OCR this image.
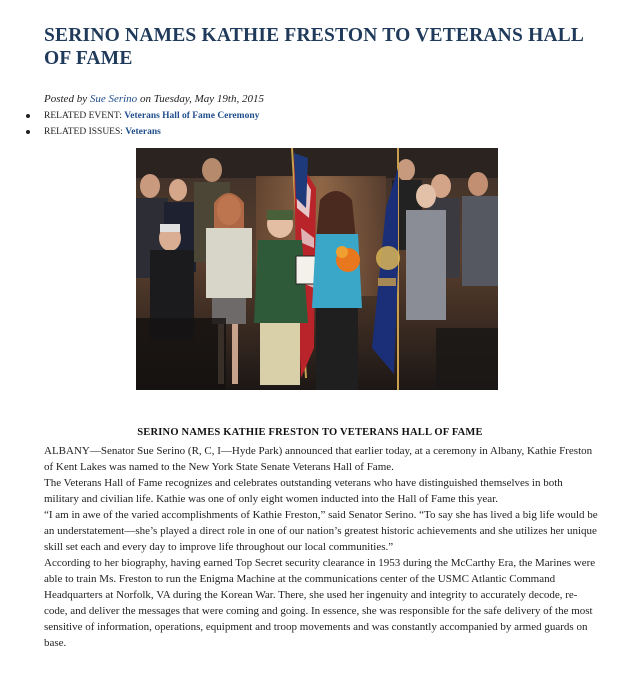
SERINO NAMES KATHIE FRESTON TO VETERANS HALL OF FAME
Posted by Sue Serino on Tuesday, May 19th, 2015
RELATED EVENT: Veterans Hall of Fame Ceremony
RELATED ISSUES: Veterans
SERINO NAMES KATHIE FRESTON TO VETERANS HALL OF FAME

ALBANY—Senator Sue Serino (R, C, I—Hyde Park) announced that earlier today, at a ceremony in Albany, Kathie Freston of Kent Lakes was named to the New York State Senate Veterans Hall of Fame.

The Veterans Hall of Fame recognizes and celebrates outstanding veterans who have distinguished themselves in both military and civilian life. Kathie was one of only eight women inducted into the Hall of Fame this year.

“I am in awe of the varied accomplishments of Kathie Freston,” said Senator Serino. “To say she has lived a big life would be an understatement—she’s played a direct role in one of our nation’s greatest historic achievements and she utilizes her unique skill set each and every day to improve life throughout our local communities.”

According to her biography, having earned Top Secret security clearance in 1953 during the McCarthy Era, the Marines were able to train Ms. Freston to run the Enigma Machine at the communications center of the USMC Atlantic Command Headquarters at Norfolk, VA during the Korean War. There, she used her ingenuity and integrity to accurately decode, re-code, and deliver the messages that were coming and going. In essence, she was responsible for the safe delivery of the most sensitive of information, operations, equipment and troop movements and was constantly accompanied by armed guards on base.
